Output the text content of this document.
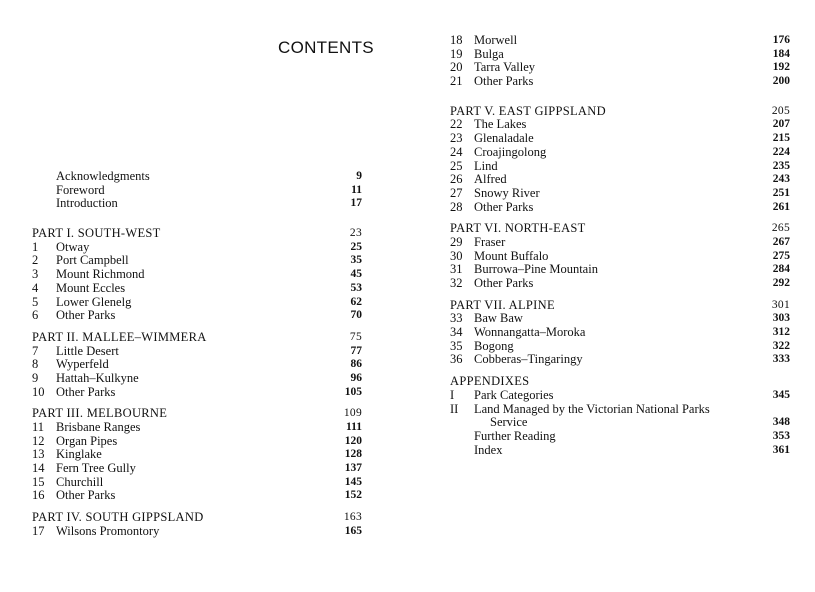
CONTENTS
Acknowledgments	9
Foreword	11
Introduction	17
PART I. SOUTH-WEST	23
1	Otway	25
2	Port Campbell	35
3	Mount Richmond	45
4	Mount Eccles	53
5	Lower Glenelg	62
6	Other Parks	70
PART II. MALLEE–WIMMERA	75
7	Little Desert	77
8	Wyperfeld	86
9	Hattah–Kulkyne	96
10 Other Parks	105
PART III. MELBOURNE	109
11 Brisbane Ranges	111
12 Organ Pipes	120
13 Kinglake	128
14 Fern Tree Gully	137
15 Churchill	145
16 Other Parks	152
PART IV. SOUTH GIPPSLAND	163
17 Wilsons Promontory	165
18 Morwell	176
19 Bulga	184
20 Tarra Valley	192
21 Other Parks	200
PART V. EAST GIPPSLAND	205
22 The Lakes	207
23 Glenaladale	215
24 Croajingolong	224
25 Lind	235
26 Alfred	243
27 Snowy River	251
28 Other Parks	261
PART VI. NORTH-EAST	265
29 Fraser	267
30 Mount Buffalo	275
31 Burrowa–Pine Mountain	284
32 Other Parks	292
PART VII. ALPINE	301
33 Baw Baw	303
34 Wonnangatta–Moroka	312
35 Bogong	322
36 Cobberas–Tingaringy	333
APPENDIXES
I	Park Categories	345
II	Land Managed by the Victorian National Parks
Service	348
Further Reading	353
Index	361
